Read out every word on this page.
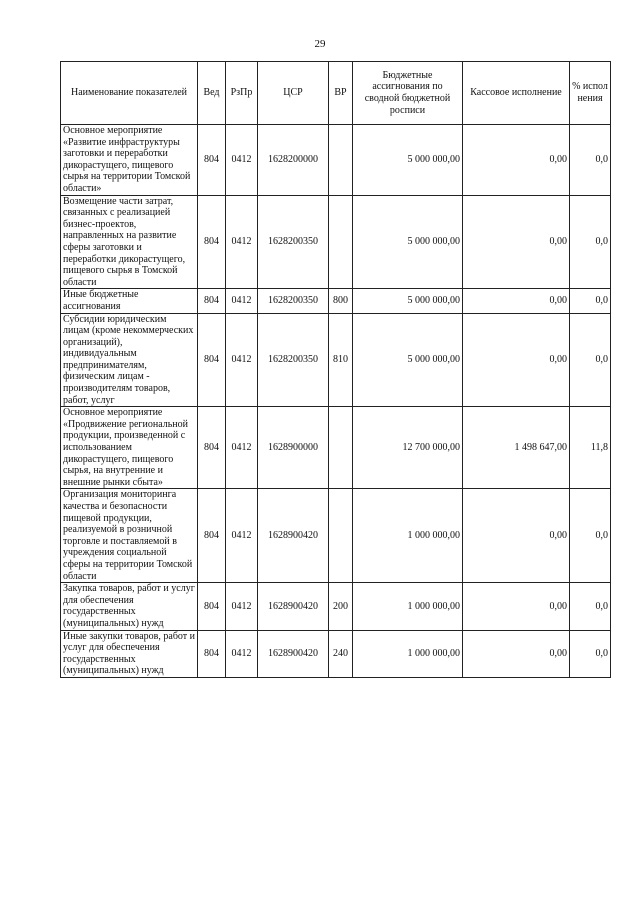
29
Наименование показателей	Вед	РзПр	ЦСР	ВР	Бюджетные ассигнования по сводной бюджетной росписи	Кассовое исполнение	% испол нения
Основное мероприятие «Развитие инфраструктуры заготовки и переработки дикорастущего, пищевого сырья на территории Томской области»	804	0412	1628200000		5 000 000,00	0,00	0,0
Возмещение части затрат, связанных с реализацией бизнес-проектов, направленных на развитие сферы заготовки и переработки дикорастущего, пищевого сырья в Томской области	804	0412	1628200350		5 000 000,00	0,00	0,0
Иные бюджетные ассигнования	804	0412	1628200350	800	5 000 000,00	0,00	0,0
Субсидии юридическим лицам (кроме некоммерческих организаций), индивидуальным предпринимателям, физическим лицам - производителям товаров, работ, услуг	804	0412	1628200350	810	5 000 000,00	0,00	0,0
Основное мероприятие «Продвижение региональной продукции, произведенной с использованием дикорастущего, пищевого сырья, на внутренние и внешние рынки сбыта»	804	0412	1628900000		12 700 000,00	1 498 647,00	11,8
Организация мониторинга качества и безопасности пищевой продукции, реализуемой в розничной торговле и поставляемой в учреждения социальной сферы на территории Томской области	804	0412	1628900420		1 000 000,00	0,00	0,0
Закупка товаров, работ и услуг для обеспечения государственных (муниципальных) нужд	804	0412	1628900420	200	1 000 000,00	0,00	0,0
Иные закупки товаров, работ и услуг для обеспечения государственных (муниципальных) нужд	804	0412	1628900420	240	1 000 000,00	0,00	0,0
